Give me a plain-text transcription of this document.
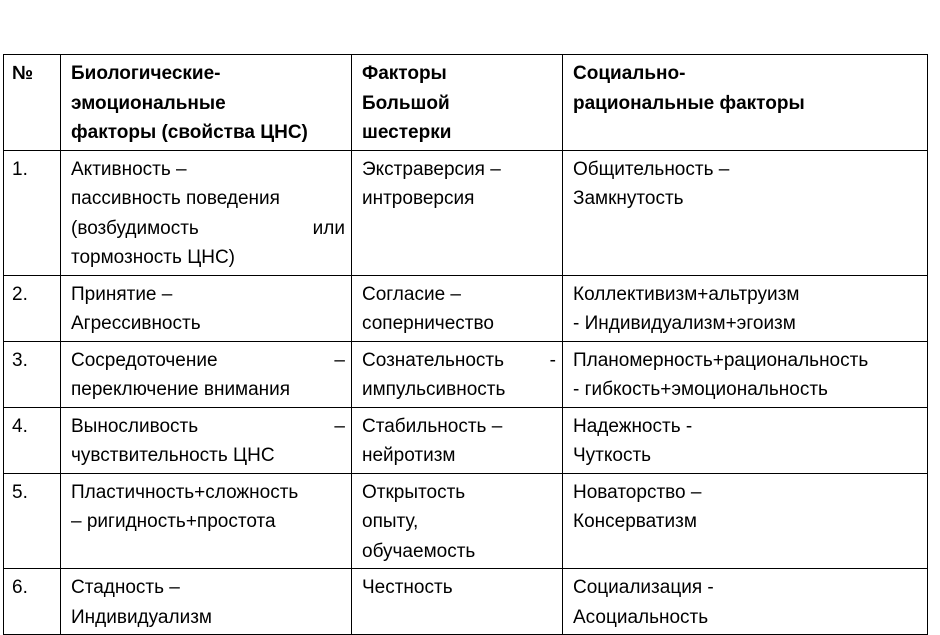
№	Биологические-
эмоциональные
факторы (свойства ЦНС)	Факторы
Большой
шестерки	Социально-
рациональные факторы

1.	Активность –
пассивность поведения
(возбудимость или
тормозность ЦНС)	Экстраверсия –
интроверсия	Общительность –
Замкнутость

2.	Принятие –
Агрессивность	Согласие –
соперничество	Коллективизм+альтруизм
- Индивидуализм+эгоизм

3.	Сосредоточение –
переключение внимания	Сознательность -
импульсивность	Планомерность+рациональность
- гибкость+эмоциональность

4.	Выносливость –
чувствительность ЦНС	Стабильность –
нейротизм	Надежность -
Чуткость

5.	Пластичность+сложность
– ригидность+простота	Открытость
опыту,
обучаемость	Новаторство –
Консерватизм

6.	Стадность –
Индивидуализм	Честность	Социализация -
Асоциальность
